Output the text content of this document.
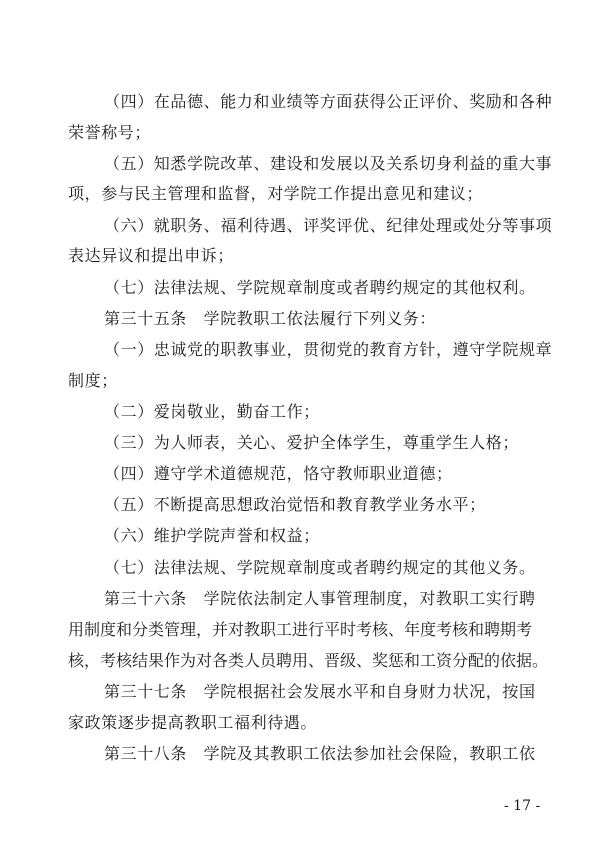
（四）在品德、能力和业绩等方面获得公正评价、奖励和各种
荣誉称号；
（五）知悉学院改革、建设和发展以及关系切身利益的重大事
项，参与民主管理和监督，对学院工作提出意见和建议；
（六）就职务、福利待遇、评奖评优、纪律处理或处分等事项
表达异议和提出申诉；
（七）法律法规、学院规章制度或者聘约规定的其他权利。
第三十五条　学院教职工依法履行下列义务：
（一）忠诚党的职教事业，贯彻党的教育方针，遵守学院规章
制度；
（二）爱岗敬业，勤奋工作；
（三）为人师表，关心、爱护全体学生，尊重学生人格；
（四）遵守学术道德规范，恪守教师职业道德；
（五）不断提高思想政治觉悟和教育教学业务水平；
（六）维护学院声誉和权益；
（七）法律法规、学院规章制度或者聘约规定的其他义务。
第三十六条　学院依法制定人事管理制度，对教职工实行聘
用制度和分类管理，并对教职工进行平时考核、年度考核和聘期考
核，考核结果作为对各类人员聘用、晋级、奖惩和工资分配的依据。
第三十七条　学院根据社会发展水平和自身财力状况，按国
家政策逐步提高教职工福利待遇。
第三十八条　学院及其教职工依法参加社会保险，教职工依
- 17 -
